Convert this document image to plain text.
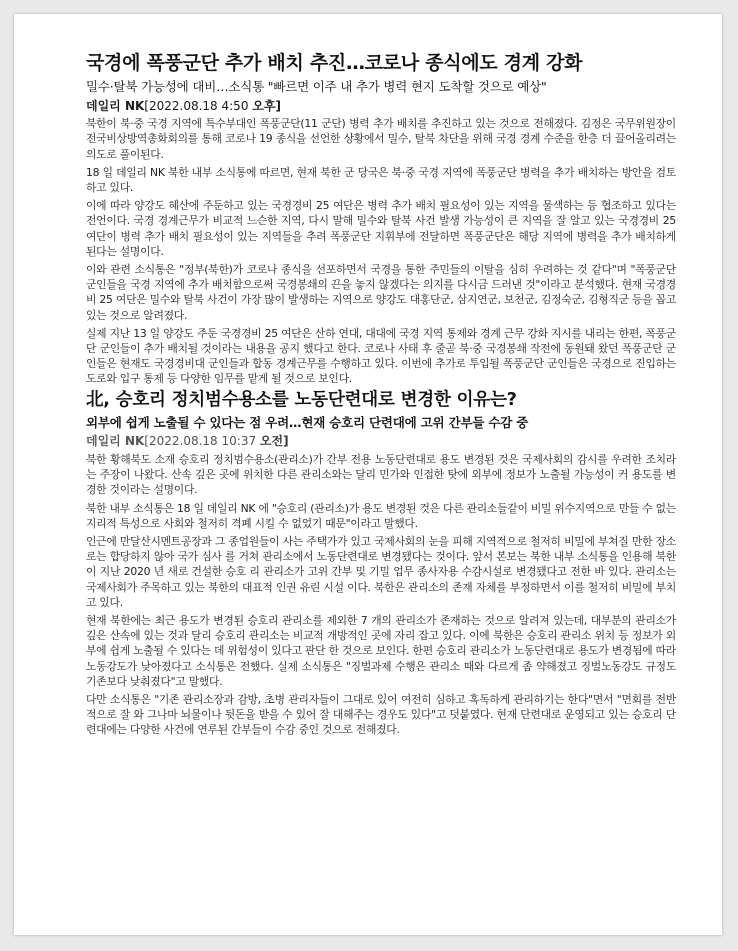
국경에 폭풍군단 추가 배치 추진…코로나 종식에도 경계 강화
밀수·탈북 가능성에 대비…소식통 "빠르면 이주 내 추가 병력 현지 도착할 것으로 예상"
데일리 NK[2022.08.18 4:50 오후]

북한이 북·중 국경 지역에 특수부대인 폭풍군단(11 군단) 병력 추가 배치를 추진하고 있는 것으로 전해졌다. 김정은 국무위원장이 전국비상방역총화회의를 통해 코로나 19 종식을 선언한 상황에서 밀수, 탈북 차단을 위해 국경 경계 수준을 한층 더 끌어올리려는 의도로 풀이된다.

18 일 데일리 NK 북한 내부 소식통에 따르면, 현재 북한 군 당국은 북·중 국경 지역에 폭풍군단 병력을 추가 배치하는 방안을 검토하고 있다.

이에 따라 양강도 혜산에 주둔하고 있는 국경경비 25 여단은 병력 추가 배치 필요성이 있는 지역을 물색하는 등 협조하고 있다는 전언이다. 국경 경계근무가 비교적 느슨한 지역, 다시 말해 밀수와 탈북 사건 발생 가능성이 큰 지역을 잘 알고 있는 국경경비 25 여단이 병력 추가 배치 필요성이 있는 지역들을 추려 폭풍군단 지휘부에 전달하면 폭풍군단은 해당 지역에 병력을 추가 배치하게 된다는 설명이다.

이와 관련 소식통은 "정부(북한)가 코로나 종식을 선포하면서 국경을 통한 주민들의 이탈을 심히 우려하는 것 같다"며 "폭풍군단 군인들을 국경 지역에 추가 배치함으로써 국경봉쇄의 끈을 놓지 않겠다는 의지를 다시금 드러낸 것"이라고 분석했다. 현재 국경경비 25 여단은 밀수와 탈북 사건이 가장 많이 발생하는 지역으로 양강도 대홍단군, 삼지연군, 보천군, 김정숙군, 김형직군 등을 꼽고 있는 것으로 알려졌다.

실제 지난 13 일 양강도 주둔 국경경비 25 여단은 산하 연대, 대대에 국경 지역 통제와 경계 근무 강화 지시를 내리는 한편, 폭풍군단 군인들이 추가 배치될 것이라는 내용을 공지 했다고 한다. 코로나 사태 후 줄곧 북·중 국경봉쇄 작전에 동원돼 왔던 폭풍군단 군인들은 현재도 국경경비대 군인들과 합동 경계근무를 수행하고 있다. 이번에 추가로 투입될 폭풍군단 군인들은 국경으로 진입하는 도로와 입구 통제 등 다양한 임무를 맡게 될 것으로 보인다.

北, 승호리 정치범수용소를 노동단련대로 변경한 이유는?
외부에 쉽게 노출될 수 있다는 점 우려…현재 승호리 단련대에 고위 간부들 수감 중
데일리 NK[2022.08.18 10:37 오전]

북한 황해북도 소재 승호리 정치범수용소(관리소)가 간부 전용 노동단련대로 용도 변경된 것은 국제사회의 감시를 우려한 조치라는 주장이 나왔다. 산속 깊은 곳에 위치한 다른 관리소와는 달리 민가와 인접한 탓에 외부에 정보가 노출될 가능성이 커 용도를 변경한 것이라는 설명이다.

북한 내부 소식통은 18 일 데일리 NK 에 "승호리 (관리소)가 용도 변경된 것은 다른 관리소들같이 비밀 위수지역으로 만들 수 없는 지리적 특성으로 사회와 철저히 격폐 시킬 수 없었기 때문"이라고 말했다.

인근에 만달산시멘트공장과 그 종업원들이 사는 주택가가 있고 국제사회의 눈을 피해 지역적으로 철저히 비밀에 부쳐질 만한 장소로는 합당하지 않아 국가 심사 를 거쳐 관리소에서 노동단련대로 변경됐다는 것이다. 앞서 본보는 북한 내부 소식통을 인용해 북한이 지난 2020 년 새로 건설한 승호 리 관리소가 고위 간부 및 기밀 업무 종사자용 수감시설로 변경됐다고 전한 바 있다. 관리소는 국제사회가 주목하고 있는 북한의 대표적 인권 유린 시설 이다. 북한은 관리소의 존재 자체를 부정하면서 이를 철저히 비밀에 부치고 있다.

현재 북한에는 최근 용도가 변경된 승호리 관리소를 제외한 7 개의 관리소가 존재하는 것으로 알려져 있는데, 대부분의 관리소가 깊은 산속에 있는 것과 달리 승호리 관리소는 비교적 개방적인 곳에 자리 잡고 있다. 이에 북한은 승호리 관리소 위치 등 정보가 외부에 쉽게 노출될 수 있다는 데 위험성이 있다고 판단 한 것으로 보인다. 한편 승호리 관리소가 노동단련대로 용도가 변경됨에 따라 노동강도가 낮아졌다고 소식통은 전했다. 실제 소식통은 "징벌과제 수행은 관리소 때와 다르게 좀 약해졌고 징벌노동강도 규정도 기존보다 낮춰졌다"고 말했다.

다만 소식통은 "기존 관리소장과 감방, 초병 관리자들이 그대로 있어 여전히 심하고 혹독하게 관리하기는 한다"면서 "면회를 전반적으로 잘 와 그나마 뇌물이나 뒷돈을 받을 수 있어 잘 대해주는 경우도 있다"고 덧붙였다. 현재 단련대로 운영되고 있는 승호리 단련대에는 다양한 사건에 연루된 간부들이 수감 중인 것으로 전해졌다.
